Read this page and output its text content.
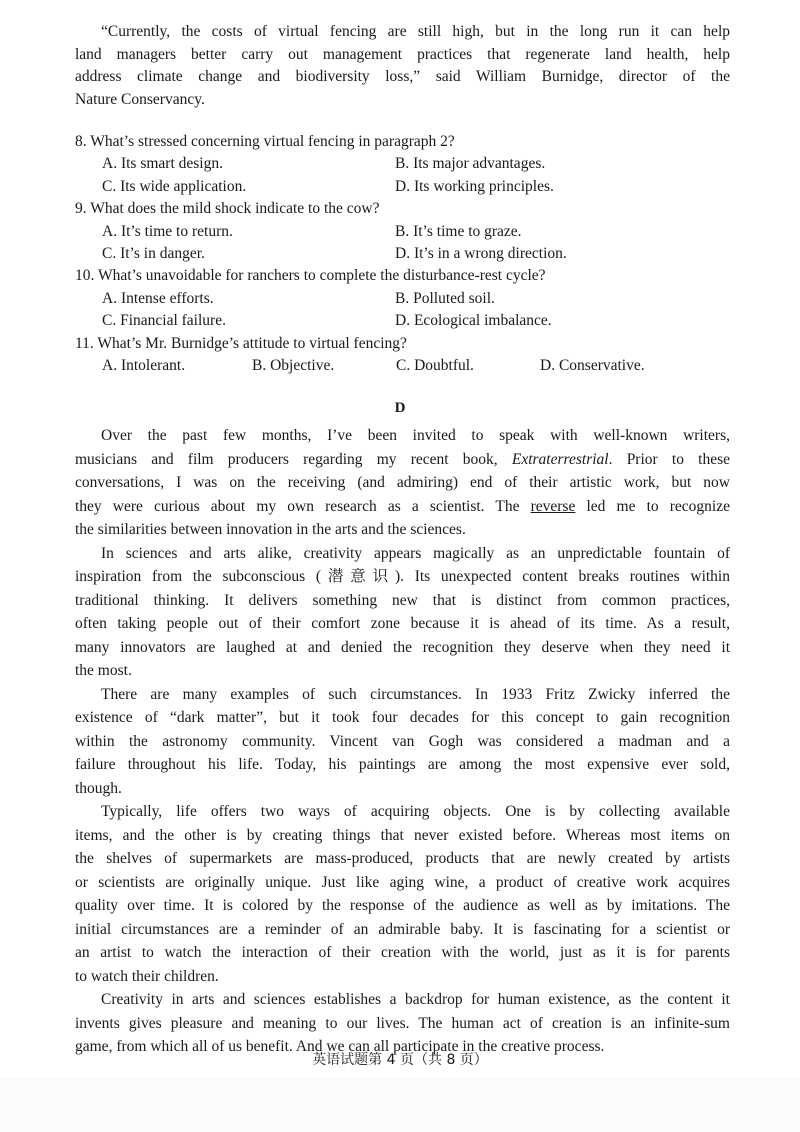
“Currently, the costs of virtual fencing are still high, but in the long run it can help
land managers better carry out management practices that regenerate land health, help
address climate change and biodiversity loss,” said William Burnidge, director of the
Nature Conservancy.
8. What’s stressed concerning virtual fencing in paragraph 2?
A. Its smart design.	B. Its major advantages.
C. Its wide application.	D. Its working principles.
9. What does the mild shock indicate to the cow?
A. It’s time to return.	B. It’s time to graze.
C. It’s in danger.	D. It’s in a wrong direction.
10. What’s unavoidable for ranchers to complete the disturbance-rest cycle?
A. Intense efforts.	B. Polluted soil.
C. Financial failure.	D. Ecological imbalance.
11. What’s Mr. Burnidge’s attitude to virtual fencing?
A. Intolerant.	B. Objective.	C. Doubtful.	D. Conservative.
D
Over the past few months, I’ve been invited to speak with well-known writers,
musicians and film producers regarding my recent book, Extraterrestrial. Prior to these
conversations, I was on the receiving (and admiring) end of their artistic work, but now
they were curious about my own research as a scientist. The reverse led me to recognize
the similarities between innovation in the arts and the sciences.
In sciences and arts alike, creativity appears magically as an unpredictable fountain of
inspiration from the subconscious (潜意识). Its unexpected content breaks routines within
traditional thinking. It delivers something new that is distinct from common practices,
often taking people out of their comfort zone because it is ahead of its time. As a result,
many innovators are laughed at and denied the recognition they deserve when they need it
the most.
There are many examples of such circumstances. In 1933 Fritz Zwicky inferred the
existence of “dark matter”, but it took four decades for this concept to gain recognition
within the astronomy community. Vincent van Gogh was considered a madman and a
failure throughout his life. Today, his paintings are among the most expensive ever sold,
though.
Typically, life offers two ways of acquiring objects. One is by collecting available
items, and the other is by creating things that never existed before. Whereas most items on
the shelves of supermarkets are mass-produced, products that are newly created by artists
or scientists are originally unique. Just like aging wine, a product of creative work acquires
quality over time. It is colored by the response of the audience as well as by imitations. The
initial circumstances are a reminder of an admirable baby. It is fascinating for a scientist or
an artist to watch the interaction of their creation with the world, just as it is for parents
to watch their children.
Creativity in arts and sciences establishes a backdrop for human existence, as the content it
invents gives pleasure and meaning to our lives. The human act of creation is an infinite-sum
game, from which all of us benefit. And we can all participate in the creative process.
英语试题第 4 页（共 8 页）
